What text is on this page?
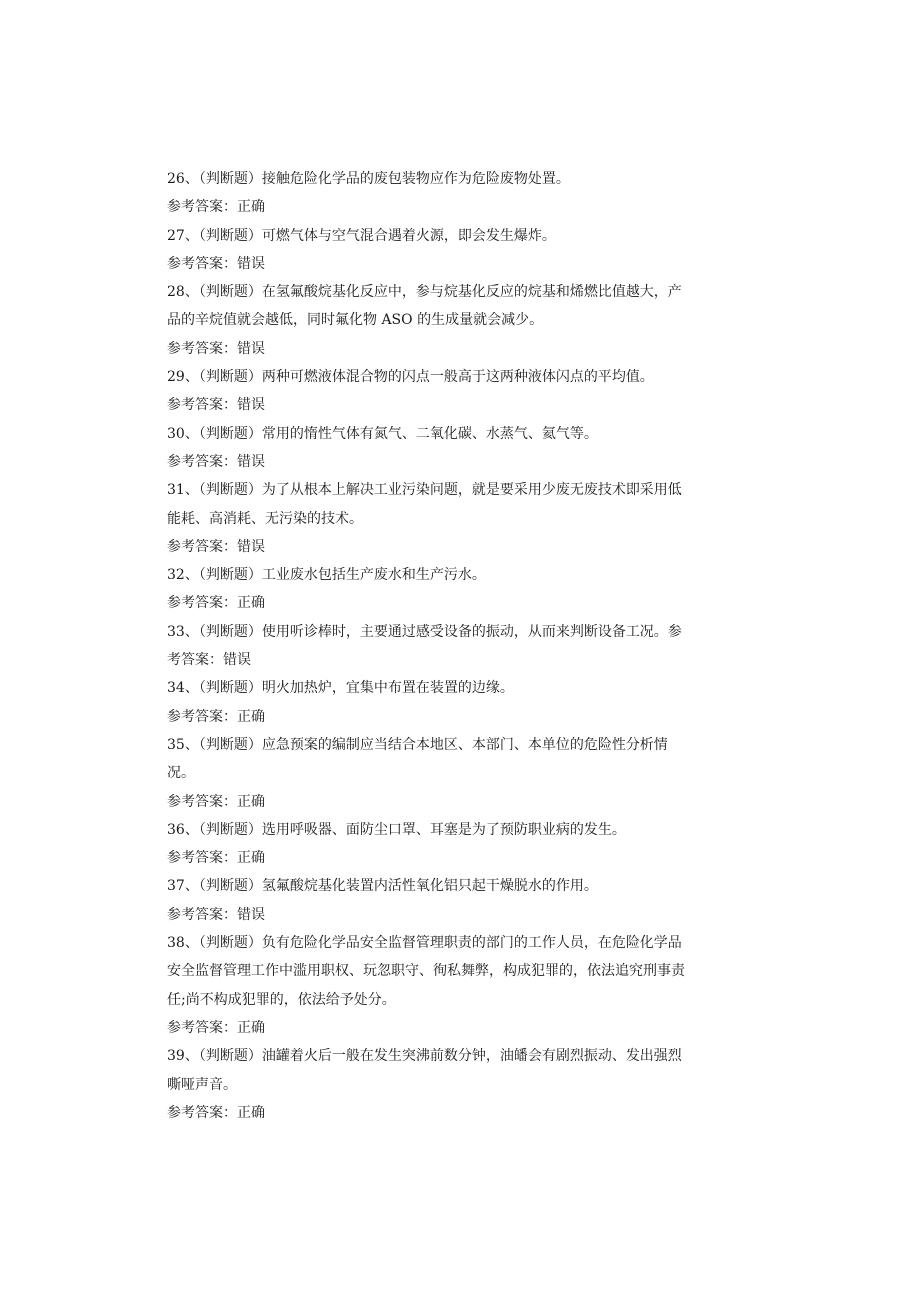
26、（判断题）接触危险化学品的废包装物应作为危险废物处置。
参考答案：正确
27、（判断题）可燃气体与空气混合遇着火源，即会发生爆炸。
参考答案：错误
28、（判断题）在氢氟酸烷基化反应中，参与烷基化反应的烷基和烯燃比值越大，产
品的辛烷值就会越低，同时氟化物 ASO 的生成量就会减少。
参考答案：错误
29、（判断题）两种可燃液体混合物的闪点一般高于这两种液体闪点的平均值。
参考答案：错误
30、（判断题）常用的惰性气体有氮气、二氧化碳、水蒸气、氦气等。
参考答案：错误
31、（判断题）为了从根本上解决工业污染问题，就是要采用少废无废技术即采用低
能耗、高消耗、无污染的技术。
参考答案：错误
32、（判断题）工业废水包括生产废水和生产污水。
参考答案：正确
33、（判断题）使用听诊棒时，主要通过感受设备的振动，从而来判断设备工况。参
考答案：错误
34、（判断题）明火加热炉，宜集中布置在装置的边缘。
参考答案：正确
35、（判断题）应急预案的编制应当结合本地区、本部门、本单位的危险性分析情
况。
参考答案：正确
36、（判断题）选用呼吸器、面防尘口罩、耳塞是为了预防职业病的发生。
参考答案：正确
37、（判断题）氢氟酸烷基化装置内活性氧化铝只起干燥脱水的作用。
参考答案：错误
38、（判断题）负有危险化学品安全监督管理职责的部门的工作人员，在危险化学品
安全监督管理工作中滥用职权、玩忽职守、徇私舞弊，构成犯罪的，依法追究刑事责
任;尚不构成犯罪的，依法给予处分。
参考答案：正确
39、（判断题）油罐着火后一般在发生突沸前数分钟，油皤会有剧烈振动、发出强烈
嘶哑声音。
参考答案：正确
